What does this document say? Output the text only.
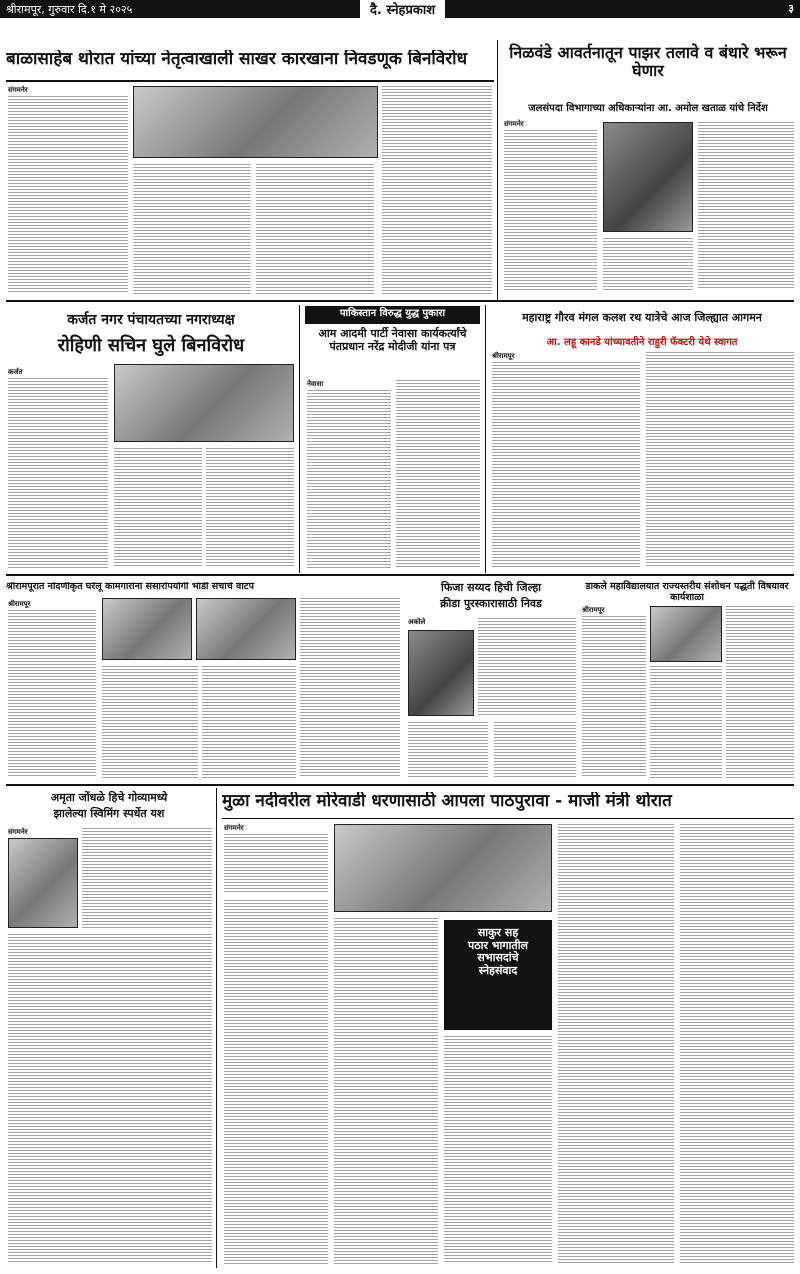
श्रीरामपूर, गुरुवार दि.१ मे २०२५	दै. स्नेहप्रकाश	३
बाळासाहेब थोरात यांच्या नेतृत्वाखाली साखर कारखाना निवडणूक बिनविरोध
संगमनेर
निळवंडे आवर्तनातून पाझर तलावे व बंधारे भरून घेणार
जलसंपदा विभागाच्या अधिकाऱ्यांना आ. अमोल खताळ यांचे निर्देश
संगमनेर
कर्जत नगर पंचायतच्या नगराध्यक्ष
रोहिणी सचिन घुले बिनविरोध
कर्जत
पाकिस्तान विरुद्ध युद्ध पुकारा
आम आदमी पार्टी नेवासा कार्यकर्त्यांचे पंतप्रधान नरेंद्र मोदीजी यांना पत्र
नेवासा
महाराष्ट्र गौरव मंगल कलश रथ यात्रेचे आज जिल्ह्यात आगमन
आ. लहू कानडे यांच्यावतीने राहुरी फॅक्टरी येथे स्वागत
श्रीरामपूर
श्रीरामपूरात नोंदणीकृत घरेलू कामगारांना संसारोपयोगी भांडी संचाचे वाटप
श्रीरामपूर
फिजा सय्यद हिची जिल्हा
क्रीडा पुरस्कारासाठी निवड
अकोले
डाकले महाविद्यालयात राज्यस्तरीय संशोधन पद्धती विषयावर कार्यशाळा
श्रीरामपूर
अमृता जोंधळे हिचे गोव्यामध्ये
झालेल्या स्विमिंग स्पर्धेत यश
संगमनेर
मुळा नदीवरील मोरेवाडी धरणासाठी आपला पाठपुरावा - माजी मंत्री थोरात
संगमनेर
साकुर सह
पठार भागातील
सभासदांचे
स्नेहसंवाद
